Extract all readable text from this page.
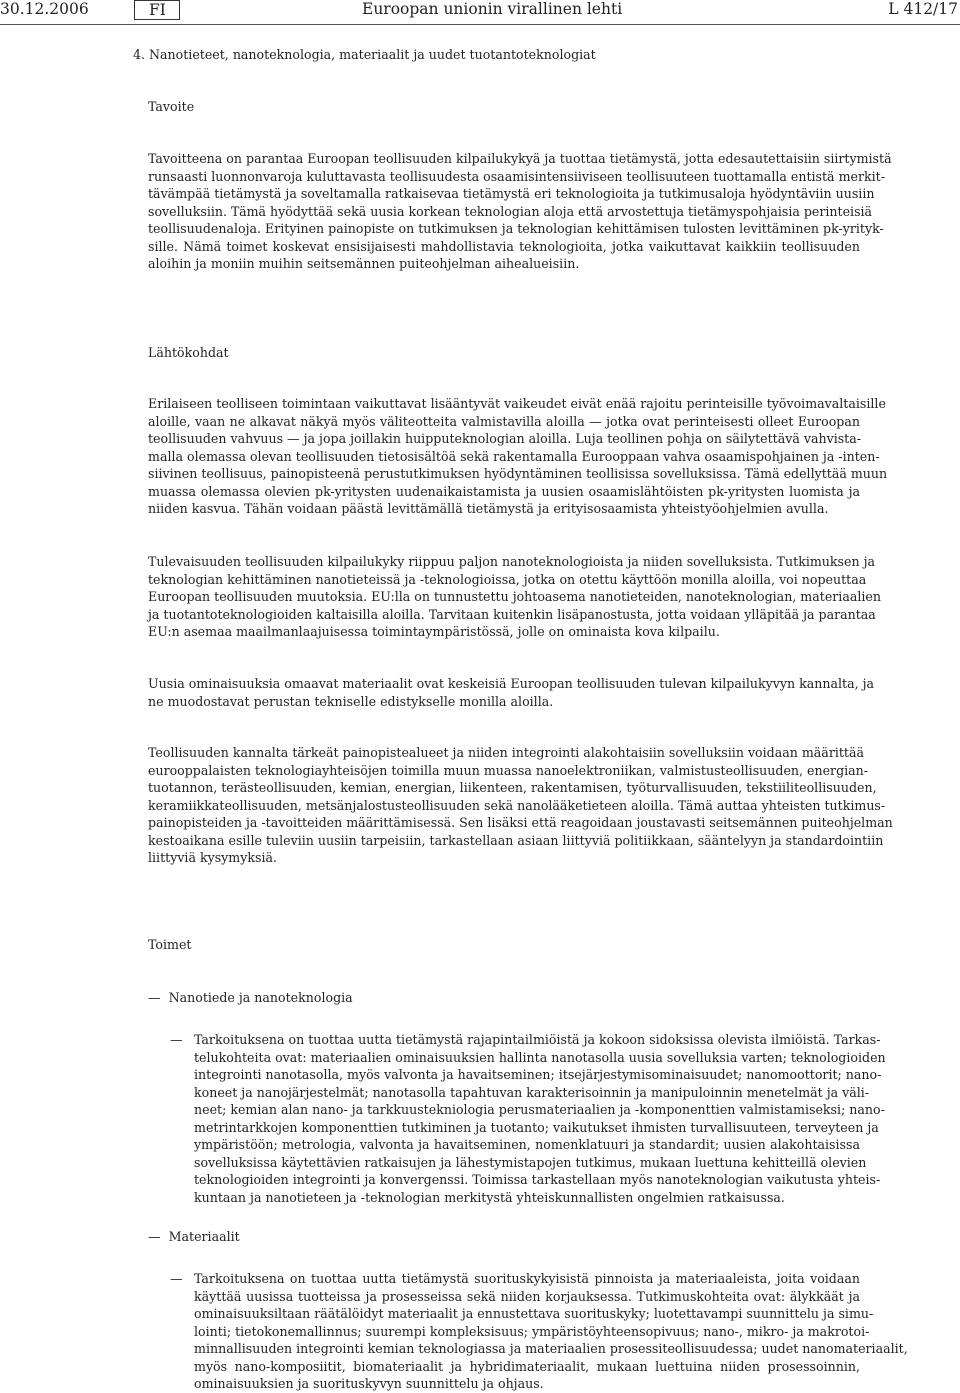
30.12.2006	FI	Euroopan unionin virallinen lehti	L 412/17
4. Nanotieteet, nanoteknologia, materiaalit ja uudet tuotantoteknologiat
Tavoite
Tavoitteena on parantaa Euroopan teollisuuden kilpailukykyä ja tuottaa tietämystä, jotta edesautettaisiin siirtymistä
runsaasti luonnonvaroja kuluttavasta teollisuudesta osaamisintensiiviseen teollisuuteen tuottamalla entistä merkit-
tävämpää tietämystä ja soveltamalla ratkaisevaa tietämystä eri teknologioita ja tutkimusaloja hyödyntäviin uusiin
sovelluksiin. Tämä hyödyttää sekä uusia korkean teknologian aloja että arvostettuja tietämyspohjaisia perinteisiä
teollisuudenaloja. Erityinen painopiste on tutkimuksen ja teknologian kehittämisen tulosten levittäminen pk-yrityk-
sille. Nämä toimet koskevat ensisijaisesti mahdollistavia teknologioita, jotka vaikuttavat kaikkiin teollisuuden
aloihin ja moniin muihin seitsemännen puiteohjelman aihealueisiin.
Lähtökohdat
Erilaiseen teolliseen toimintaan vaikuttavat lisääntyvät vaikeudet eivät enää rajoitu perinteisille työvoimavaltaisille
aloille, vaan ne alkavat näkyä myös väliteotteita valmistavilla aloilla — jotka ovat perinteisesti olleet Euroopan
teollisuuden vahvuus — ja jopa joillakin huipputeknologian aloilla. Luja teollinen pohja on säilytettävä vahvista-
malla olemassa olevan teollisuuden tietosisältöä sekä rakentamalla Eurooppaan vahva osaamispohjainen ja -inten-
siivinen teollisuus, painopisteenä perustutkimuksen hyödyntäminen teollisissa sovelluksissa. Tämä edellyttää muun
muassa olemassa olevien pk-yritysten uudenaikaistamista ja uusien osaamislähtöisten pk-yritysten luomista ja
niiden kasvua. Tähän voidaan päästä levittämällä tietämystä ja erityisosaamista yhteistyöohjelmien avulla.
Tulevaisuuden teollisuuden kilpailukyky riippuu paljon nanoteknologioista ja niiden sovelluksista. Tutkimuksen ja
teknologian kehittäminen nanotieteissä ja -teknologioissa, jotka on otettu käyttöön monilla aloilla, voi nopeuttaa
Euroopan teollisuuden muutoksia. EU:lla on tunnustettu johtoasema nanotieteiden, nanoteknologian, materiaalien
ja tuotantoteknologioiden kaltaisilla aloilla. Tarvitaan kuitenkin lisäpanostusta, jotta voidaan ylläpitää ja parantaa
EU:n asemaa maailmanlaajuisessa toimintaympäristössä, jolle on ominaista kova kilpailu.
Uusia ominaisuuksia omaavat materiaalit ovat keskeisiä Euroopan teollisuuden tulevan kilpailukyvyn kannalta, ja
ne muodostavat perustan tekniselle edistykselle monilla aloilla.
Teollisuuden kannalta tärkeät painopistealueet ja niiden integrointi alakohtaisiin sovelluksiin voidaan määrittää
eurooppalaisten teknologiayhteisöjen toimilla muun muassa nanoelektroniikan, valmistusteollisuuden, energian-
tuotannon, terästeollisuuden, kemian, energian, liikenteen, rakentamisen, työturvallisuuden, tekstiiliteollisuuden,
keramiikkateollisuuden, metsänjalostusteollisuuden sekä nanolääketieteen aloilla. Tämä auttaa yhteisten tutkimus-
painopisteiden ja -tavoitteiden määrittämisessä. Sen lisäksi että reagoidaan joustavasti seitsemännen puiteohjelman
kestoaikana esille tuleviin uusiin tarpeisiin, tarkastellaan asiaan liittyviä politiikkaan, sääntelyyn ja standardointiin
liittyviä kysymyksiä.
Toimet
— Nanotiede ja nanoteknologia
— Tarkoituksena on tuottaa uutta tietämystä rajapintailmiöistä ja kokoon sidoksissa olevista ilmiöistä. Tarkas-
telukohteita ovat: materiaalien ominaisuuksien hallinta nanotasolla uusia sovelluksia varten; teknologioiden
integrointi nanotasolla, myös valvonta ja havaitseminen; itsejärjestymisominaisuudet; nanomoottorit; nano-
koneet ja nanojärjestelmät; nanotasolla tapahtuvan karakterisoinnin ja manipuloinnin menetelmät ja väli-
neet; kemian alan nano- ja tarkkuustekniologia perusmateriaalien ja -komponenttien valmistamiseksi; nano-
metrintarkkojen komponenttien tutkiminen ja tuotanto; vaikutukset ihmisten turvallisuuteen, terveyteen ja
ympäristöön; metrologia, valvonta ja havaitseminen, nomenklatuuri ja standardit; uusien alakohtaisissa
sovelluksissa käytettävien ratkaisujen ja lähestymistapojen tutkimus, mukaan luettuna kehitteillä olevien
teknologioiden integrointi ja konvergenssi. Toimissa tarkastellaan myös nanoteknologian vaikutusta yhteis-
kuntaan ja nanotieteen ja -teknologian merkitystä yhteiskunnallisten ongelmien ratkaisussa.
— Materiaalit
— Tarkoituksena on tuottaa uutta tietämystä suorituskykyisistä pinnoista ja materiaaleista, joita voidaan
käyttää uusissa tuotteissa ja prosesseissa sekä niiden korjauksessa. Tutkimuskohteita ovat: älykkäät ja
ominaisuuksiltaan räätälöidyt materiaalit ja ennustettava suorituskyky; luotettavampi suunnittelu ja simu-
lointi; tietokonemallinnus; suurempi kompleksisuus; ympäristöyhteensopivuus; nano-, mikro- ja makrotoi-
minnallisuuden integrointi kemian teknologiassa ja materiaalien prosessiteollisuudessa; uudet nanomateriaalit,
myös nano-komposiitit, biomateriaalit ja hybridimateriaalit, mukaan luettuina niiden prosessoinnin,
ominaisuuksien ja suorituskyvyn suunnittelu ja ohjaus.
